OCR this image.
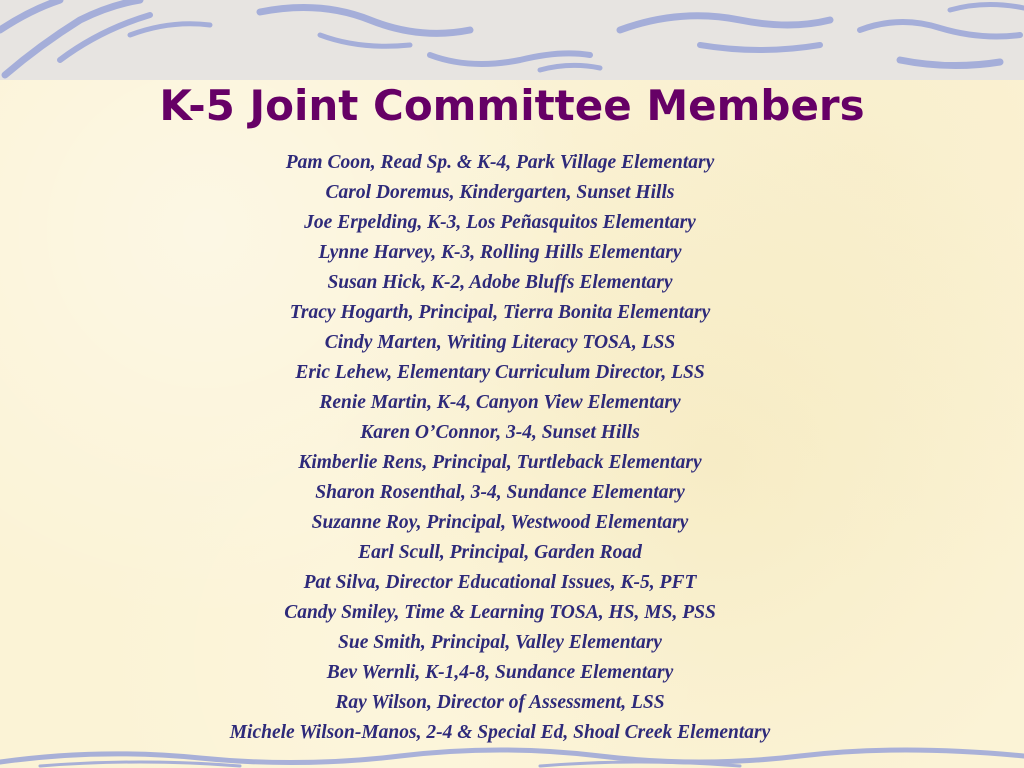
K-5 Joint Committee Members
Pam Coon, Read Sp. & K-4, Park Village Elementary
Carol Doremus, Kindergarten, Sunset Hills
Joe Erpelding, K-3, Los Peñasquitos Elementary
Lynne Harvey, K-3, Rolling Hills Elementary
Susan Hick, K-2, Adobe Bluffs Elementary
Tracy Hogarth, Principal, Tierra Bonita Elementary
Cindy Marten, Writing Literacy TOSA, LSS
Eric Lehew, Elementary Curriculum Director, LSS
Renie Martin, K-4, Canyon View Elementary
Karen O’Connor, 3-4, Sunset Hills
Kimberlie Rens, Principal, Turtleback Elementary
Sharon Rosenthal, 3-4, Sundance Elementary
Suzanne Roy, Principal, Westwood Elementary
Earl Scull, Principal, Garden Road
Pat Silva, Director Educational Issues, K-5, PFT
Candy Smiley, Time & Learning TOSA, HS, MS, PSS
Sue Smith, Principal, Valley Elementary
Bev Wernli, K-1,4-8, Sundance Elementary
Ray Wilson, Director of Assessment, LSS
Michele Wilson-Manos, 2-4 & Special Ed, Shoal Creek Elementary
